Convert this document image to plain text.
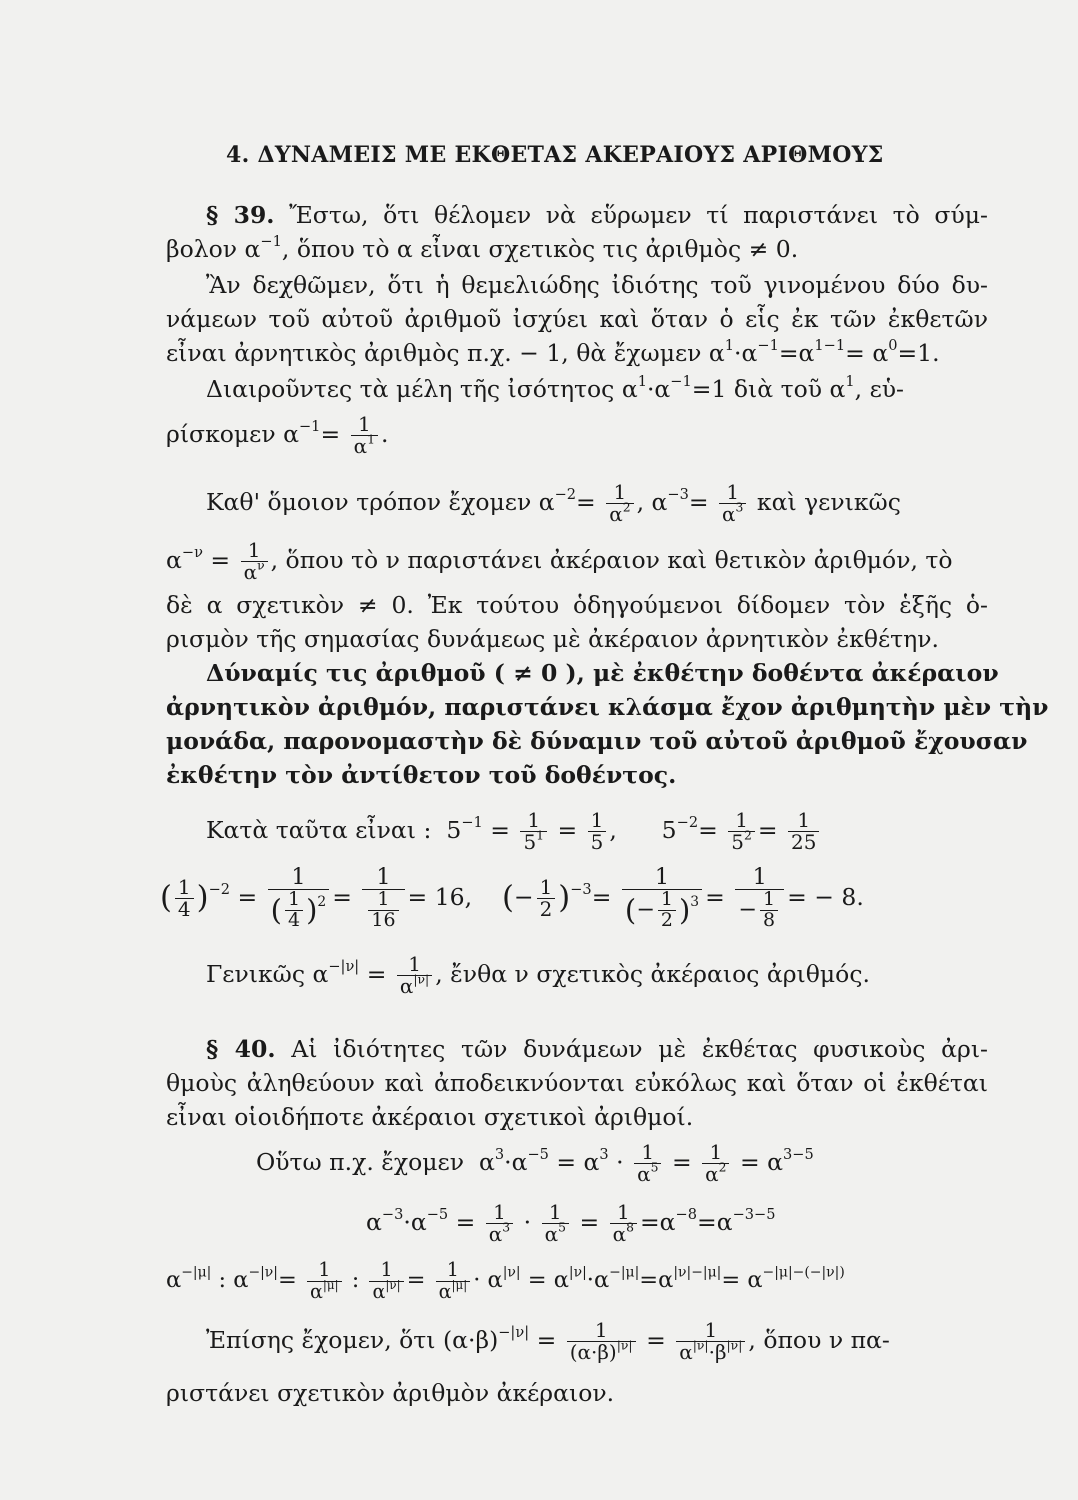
4. ΔΥΝΑΜΕΙΣ ΜΕ ΕΚΘΕΤΑΣ ΑΚΕΡΑΙΟΥΣ ΑΡΙΘΜΟΥΣ
§ 39. Ἔστω, ὅτι θέλομεν νὰ εὕρωμεν τί παριστάνει τὸ σύμ-
βολον $\alpha^{-1}$, ὅπου τὸ α εἶναι σχετικὸς τις ἀριθμὸς ≠ 0.
Ἂν δεχθῶμεν, ὅτι ἡ θεμελιώδης ἰδιότης τοῦ γινομένου δύο δυ-
νάμεων τοῦ αὐτοῦ ἀριθμοῦ ἰσχύει καὶ ὅταν ὁ εἷς ἐκ τῶν ἐκθετῶν
εἶναι ἀρνητικὸς ἀριθμὸς π.χ. − 1, θὰ ἔχωμεν $\alpha^1\cdot\alpha^{-1}=\alpha^{1-1}= \alpha^0=1$.
Διαιροῦντες τὰ μέλη τῆς ἰσότητος $\alpha^1\cdot\alpha^{-1}=1$ διὰ τοῦ $\alpha^1$, εὑ-
ρίσκομεν $\alpha^{-1}= \frac{1}{\alpha^1}$ .
Καθ' ὅμοιον τρόπον ἔχομεν $\alpha^{-2}= \frac{1}{\alpha^2}$ , $\alpha^{-3}= \frac{1}{\alpha^3}$ καὶ γενικῶς
$\alpha^{-\nu} = \frac{1}{\alpha^\nu}$ , ὅπου τὸ ν παριστάνει ἀκέραιον καὶ θετικὸν ἀριθμόν, τὸ
δὲ α σχετικὸν ≠ 0. Ἐκ τούτου ὁδηγούμενοι δίδομεν τὸν ἑξῆς ὁ-
ρισμὸν τῆς σημασίας δυνάμεως μὲ ἀκέραιον ἀρνητικὸν ἐκθέτην.
Δύναμίς τις ἀριθμοῦ ( ≠ 0 ), μὲ ἐκθέτην δοθέντα ἀκέραιον
ἀρνητικὸν ἀριθμόν, παριστάνει κλάσμα ἔχον ἀριθμητὴν μὲν τὴν
μονάδα, παρονομαστὴν δὲ δύναμιν τοῦ αὐτοῦ ἀριθμοῦ ἔχουσαν
ἐκθέτην τὸν ἀντίθετον τοῦ δοθέντος.
Κατὰ ταῦτα εἶναι :  $5^{-1} = \frac{1}{5^1} = \frac{1}{5}$ ,      $5^{-2}= \frac{1}{5^2} = \frac{1}{25}$
( $\frac{1}{4} )^{-2} = \frac{1}{( \frac{1}{4} )^2} = \frac{1}{\frac{1}{16}} = 16$,    (− $\frac{1}{2} )^{-3}= \frac{1}{(- \frac{1}{2} )^3} = \frac{1}{- \frac{1}{8}}$ = − 8.
Γενικῶς $\alpha^{-|\nu|} = \frac{1}{\alpha^{|\nu|}}$ , ἔνθα ν σχετικὸς ἀκέραιος ἀριθμός.
§ 40. Αἱ ἰδιότητες τῶν δυνάμεων μὲ ἐκθέτας φυσικοὺς ἀρι-
θμοὺς ἀληθεύουν καὶ ἀποδεικνύονται εὐκόλως καὶ ὅταν οἱ ἐκθέται
εἶναι οἱοιδήποτε ἀκέραιοι σχετικοὶ ἀριθμοί.
Οὕτω π.χ. ἔχομεν  $\alpha^3\cdot\alpha^{-5} = \alpha^3 \cdot \frac{1}{\alpha^5} = \frac{1}{\alpha^2} = \alpha^{3-5}$
$\alpha^{-3}\cdot\alpha^{-5} = \frac{1}{\alpha^3} \cdot \frac{1}{\alpha^5} = \frac{1}{\alpha^8} =\alpha^{-8}=\alpha^{-3-5}$
$\alpha^{-|\mu|}$ : $\alpha^{-|\nu|}= \frac{1}{\alpha^{|\mu|}}$ : $\frac{1}{\alpha^{|\nu|}} = \frac{1}{\alpha^{|\mu|}} \cdot \alpha^{|\nu|} = \alpha^{|\nu|}\cdot\alpha^{-|\mu|}=\alpha^{|\nu|-|\mu|}= \alpha^{-|\mu|-(-|\nu|)}$
Ἐπίσης ἔχομεν, ὅτι $(\alpha\cdot\beta)^{-|\nu|} = \frac{1}{(\alpha\cdot\beta)^{|\nu|}} = \frac{1}{\alpha^{|\nu|}\cdot\beta^{|\nu|}}$ , ὅπου ν πα-
ριστάνει σχετικὸν ἀριθμὸν ἀκέραιον.
